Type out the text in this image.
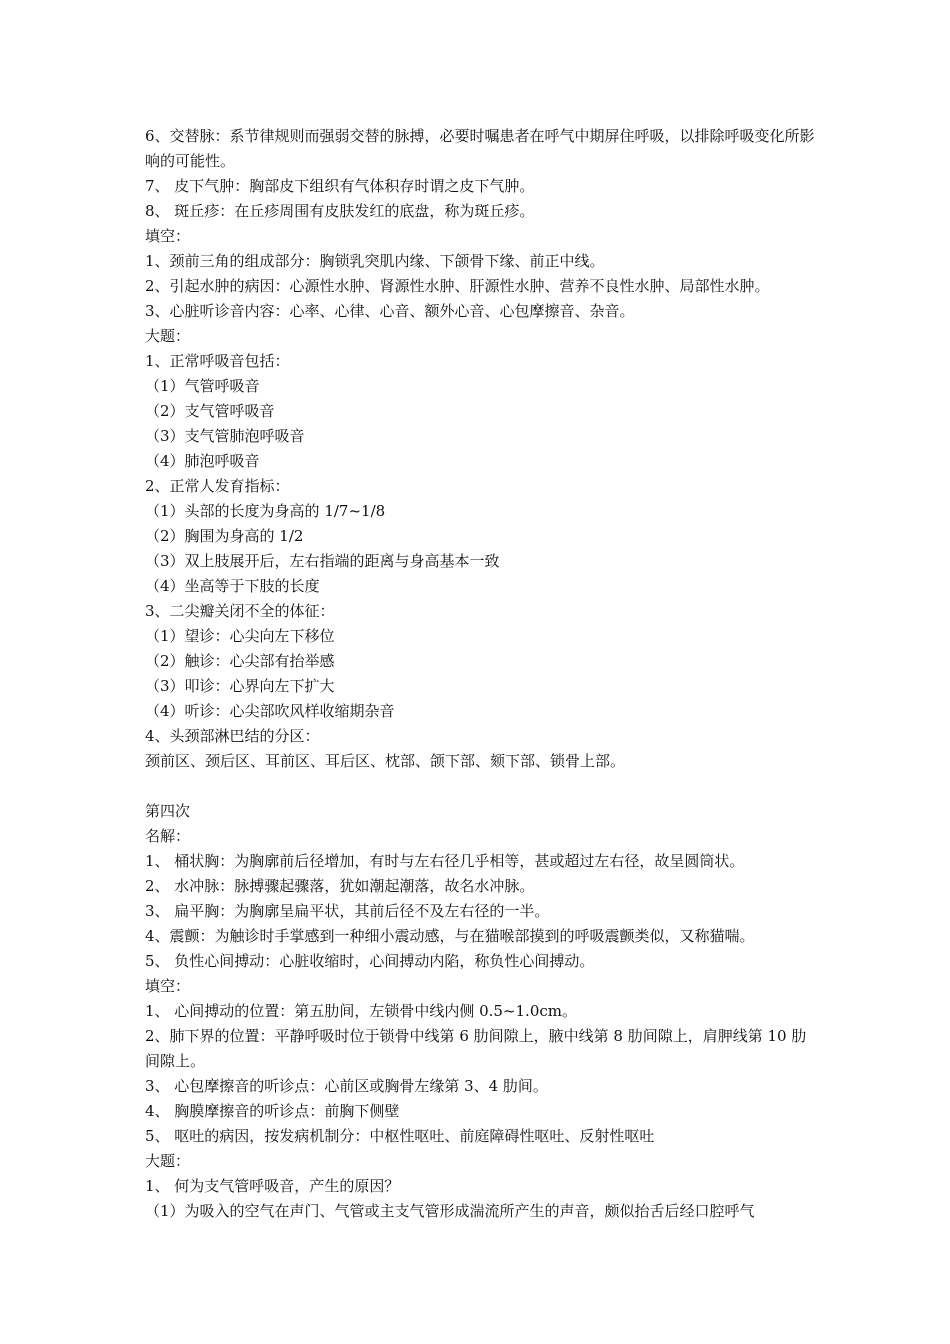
6、交替脉：系节律规则而强弱交替的脉搏，必要时嘱患者在呼气中期屏住呼吸，以排除呼吸变化所影响的可能性。
7、 皮下气肿：胸部皮下组织有气体积存时谓之皮下气肿。
8、 斑丘疹：在丘疹周围有皮肤发红的底盘，称为斑丘疹。
填空：
1、颈前三角的组成部分：胸锁乳突肌内缘、下颌骨下缘、前正中线。
2、引起水肿的病因：心源性水肿、肾源性水肿、肝源性水肿、营养不良性水肿、局部性水肿。
3、心脏听诊音内容：心率、心律、心音、额外心音、心包摩擦音、杂音。
大题：
1、正常呼吸音包括：
（1）气管呼吸音
（2）支气管呼吸音
（3）支气管肺泡呼吸音
（4）肺泡呼吸音
2、正常人发育指标：
（1）头部的长度为身高的 1/7~1/8
（2）胸围为身高的 1/2
（3）双上肢展开后，左右指端的距离与身高基本一致
（4）坐高等于下肢的长度
3、二尖瓣关闭不全的体征：
（1）望诊：心尖向左下移位
（2）触诊：心尖部有抬举感
（3）叩诊：心界向左下扩大
（4）听诊：心尖部吹风样收缩期杂音
4、头颈部淋巴结的分区：
颈前区、颈后区、耳前区、耳后区、枕部、颌下部、颏下部、锁骨上部。
第四次
名解：
1、 桶状胸：为胸廓前后径增加，有时与左右径几乎相等，甚或超过左右径，故呈圆筒状。
2、 水冲脉：脉搏骤起骤落，犹如潮起潮落，故名水冲脉。
3、 扁平胸：为胸廓呈扁平状，其前后径不及左右径的一半。
4、震颤：为触诊时手掌感到一种细小震动感，与在猫喉部摸到的呼吸震颤类似，又称猫喘。
5、 负性心间搏动：心脏收缩时，心间搏动内陷，称负性心间搏动。
填空：
1、 心间搏动的位置：第五肋间，左锁骨中线内侧 0.5~1.0cm。
2、肺下界的位置：平静呼吸时位于锁骨中线第 6 肋间隙上，腋中线第 8 肋间隙上，肩胛线第 10 肋间隙上。
3、 心包摩擦音的听诊点：心前区或胸骨左缘第 3、4 肋间。
4、 胸膜摩擦音的听诊点：前胸下侧壁
5、 呕吐的病因，按发病机制分：中枢性呕吐、前庭障碍性呕吐、反射性呕吐
大题：
1、 何为支气管呼吸音，产生的原因？
（1）为吸入的空气在声门、气管或主支气管形成湍流所产生的声音，颇似抬舌后经口腔呼气
